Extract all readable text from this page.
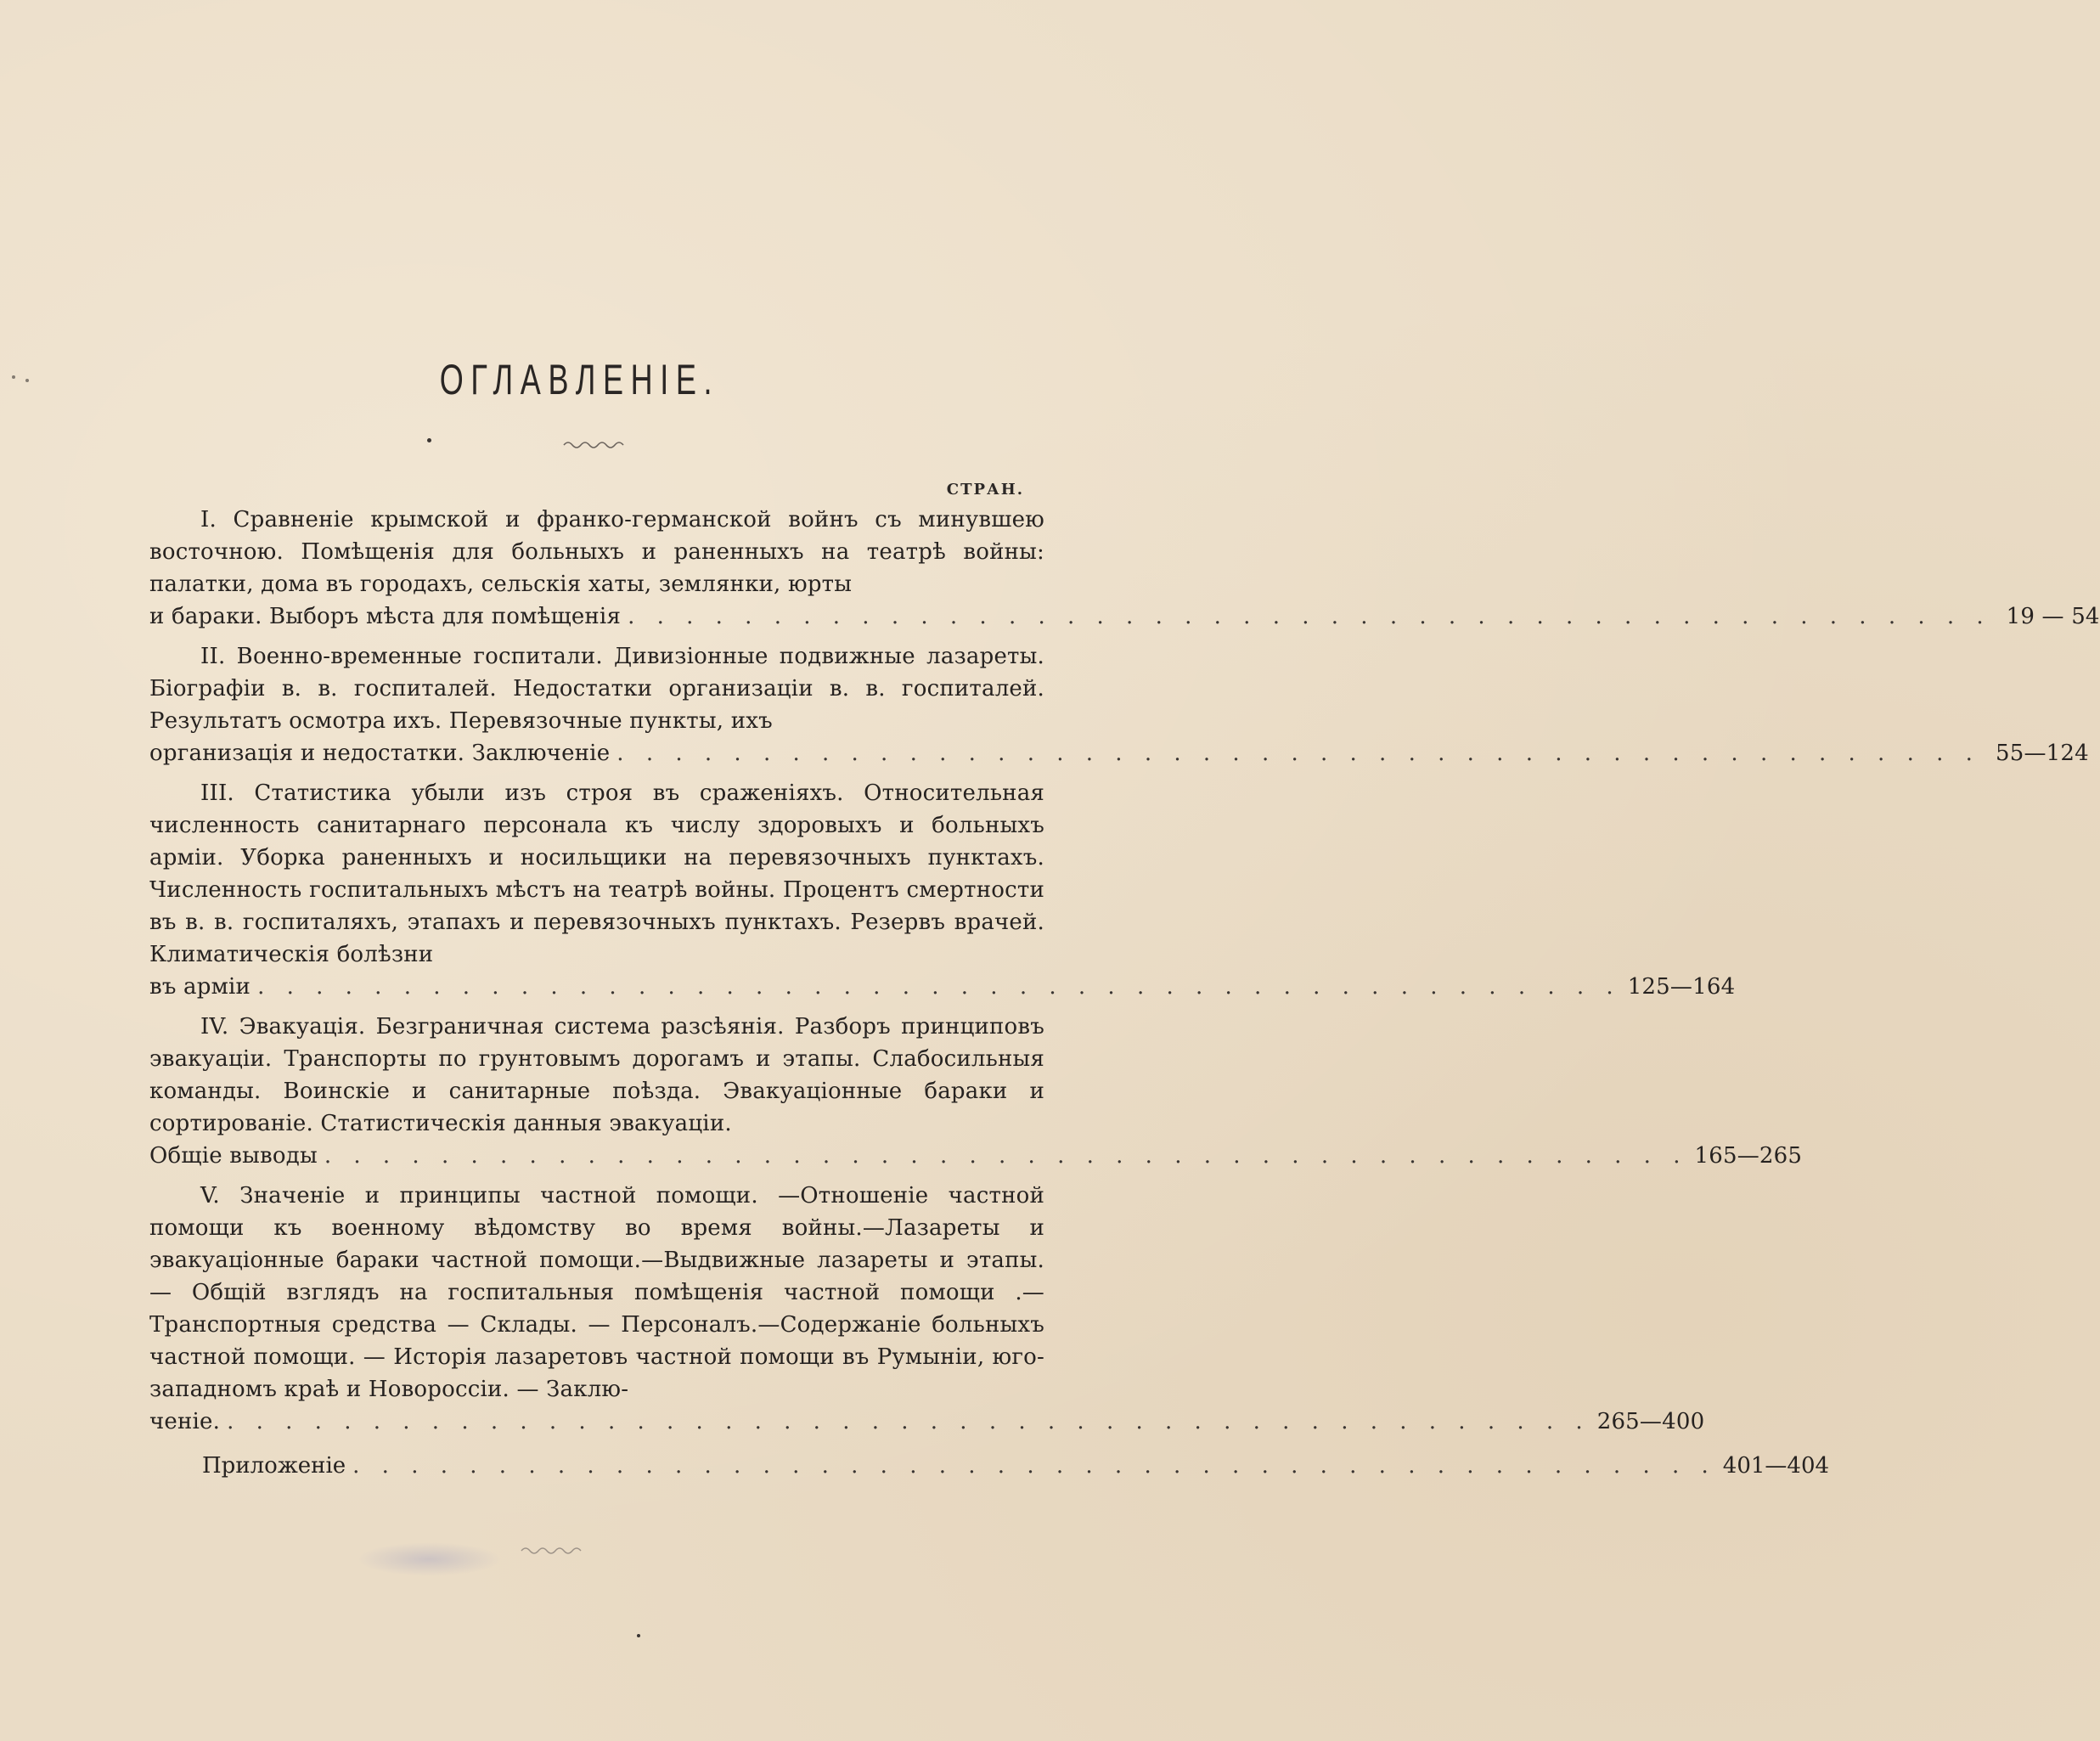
ОГЛАВЛЕНІЕ.
СТРАН.

I. Сравненіе крымской и франко-германской войнъ съ минувшею восточною. Помѣщенія для больныхъ и раненныхъ на театрѣ войны: палатки, дома въ городахъ, сельскія хаты, землянки, юрты

и бараки. Выборъ мѣста для помѣщенія . . . . . . . . . . . . . . . . . . . . . . . . . . . . . . . . . . . . . . . . . . . . . . . 19 — 54

II. Военно-временные госпитали. Дивизіонные подвижные лазареты. Біографіи в. в. госпиталей. Недостатки организаціи в. в. госпиталей. Результатъ осмотра ихъ. Перевязочные пункты, ихъ

организація и недостатки. Заключеніе . . . . . . . . . . . . . . . . . . . . . . . . . . . . . . . . . . . . . . . . . . . . . . . 55—124

III. Статистика убыли изъ строя въ сраженіяхъ. Относительная численность санитарнаго персонала къ числу здоровыхъ и больныхъ арміи. Уборка раненныхъ и носильщики на перевязочныхъ пунктахъ. Численность госпитальныхъ мѣстъ на театрѣ войны. Процентъ смертности въ в. в. госпиталяхъ, этапахъ и перевязочныхъ пунктахъ. Резервъ врачей. Климатическія болѣзни

въ арміи . . . . . . . . . . . . . . . . . . . . . . . . . . . . . . . . . . . . . . . . . . . . . . . 125—164

IV. Эвакуація. Безграничная система разсѣянія. Разборъ принциповъ эвакуаціи. Транспорты по грунтовымъ дорогамъ и этапы. Слабосильныя команды. Воинскіе и санитарные поѣзда. Эвакуаціонные бараки и сортированіе. Статистическія данныя эвакуаціи.

Общіе выводы . . . . . . . . . . . . . . . . . . . . . . . . . . . . . . . . . . . . . . . . . . . . . . . 165—265

V. Значеніе и принципы частной помощи. —Отношеніе частной помощи къ военному вѣдомству во время войны.—Лазареты и эвакуаціонные бараки частной помощи.—Выдвижные лазареты и этапы. — Общій взглядъ на госпитальныя помѣщенія частной помощи .— Транспортныя средства — Склады. — Персоналъ.—Содержаніе больныхъ частной помощи. — Исторія лазаретовъ частной помощи въ Румыніи, юго-западномъ краѣ и Новороссіи. — Заклю-

ченіе. . . . . . . . . . . . . . . . . . . . . . . . . . . . . . . . . . . . . . . . . . . . . . . . 265—400
Приложеніе . . . . . . . . . . . . . . . . . . . . . . . . . . . . . . . . . . . . . . . . . . . . . . . 401—404
